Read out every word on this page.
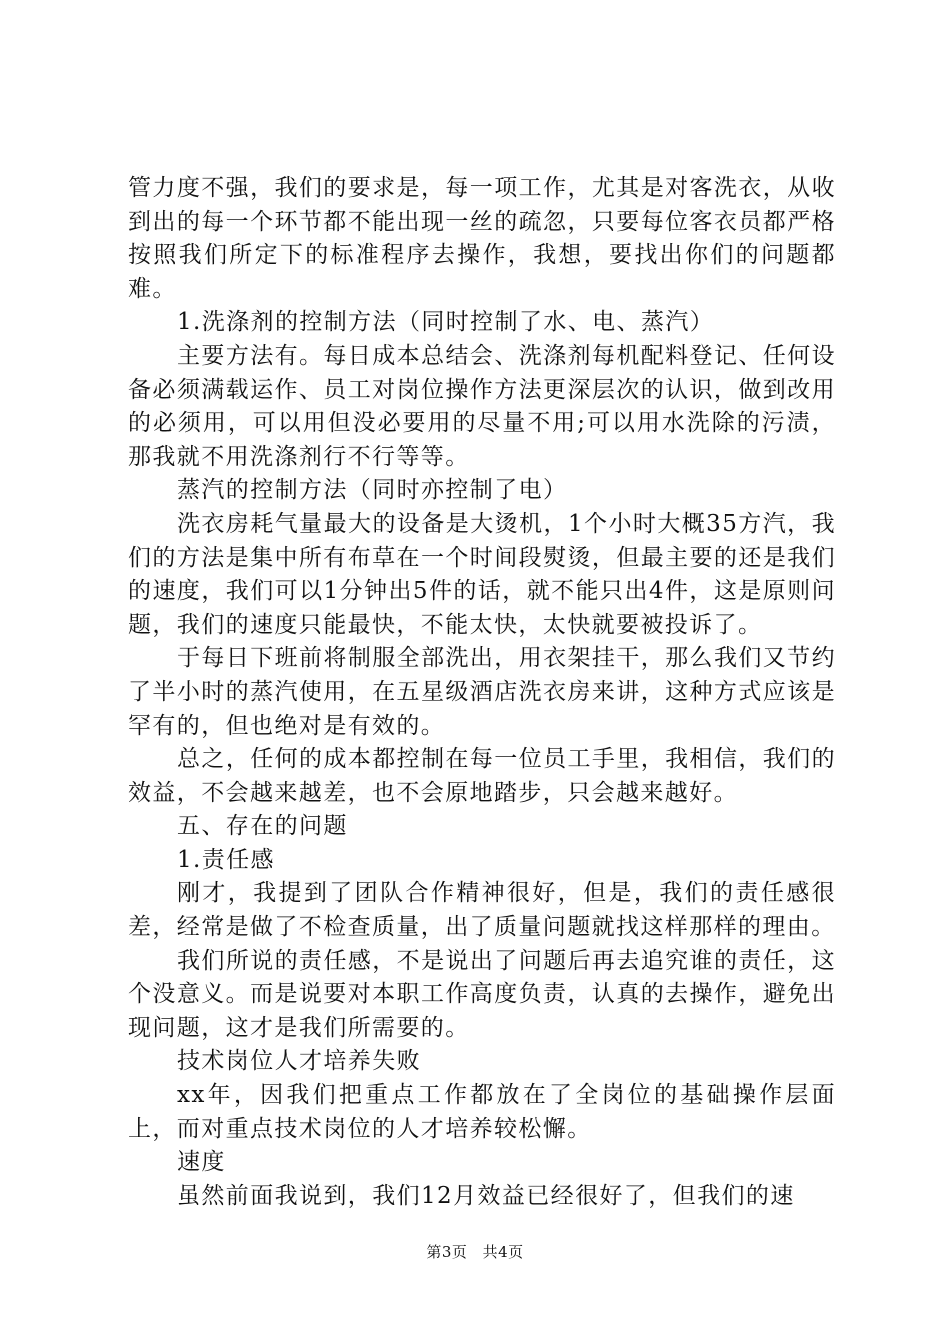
管力度不强，我们的要求是，每一项工作，尤其是对客洗衣，从收到出的每一个环节都不能出现一丝的疏忽，只要每位客衣员都严格按照我们所定下的标准程序去操作，我想，要找出你们的问题都难。

1.洗涤剂的控制方法（同时控制了水、电、蒸汽）

主要方法有。每日成本总结会、洗涤剂每机配料登记、任何设备必须满载运作、员工对岗位操作方法更深层次的认识，做到改用的必须用，可以用但没必要用的尽量不用;可以用水洗除的污渍，那我就不用洗涤剂行不行等等。

蒸汽的控制方法（同时亦控制了电）

洗衣房耗气量最大的设备是大烫机，1个小时大概35方汽，我们的方法是集中所有布草在一个时间段熨烫，但最主要的还是我们的速度，我们可以1分钟出5件的话，就不能只出4件，这是原则问题，我们的速度只能最快，不能太快，太快就要被投诉了。

于每日下班前将制服全部洗出，用衣架挂干，那么我们又节约了半小时的蒸汽使用，在五星级酒店洗衣房来讲，这种方式应该是罕有的，但也绝对是有效的。

总之，任何的成本都控制在每一位员工手里，我相信，我们的效益，不会越来越差，也不会原地踏步，只会越来越好。

五、存在的问题

1.责任感

刚才，我提到了团队合作精神很好，但是，我们的责任感很差，经常是做了不检查质量，出了质量问题就找这样那样的理由。

我们所说的责任感，不是说出了问题后再去追究谁的责任，这个没意义。而是说要对本职工作高度负责，认真的去操作，避免出现问题，这才是我们所需要的。

技术岗位人才培养失败

xx年，因我们把重点工作都放在了全岗位的基础操作层面上，而对重点技术岗位的人才培养较松懈。

速度

虽然前面我说到，我们12月效益已经很好了，但我们的速

第3页 共4页
